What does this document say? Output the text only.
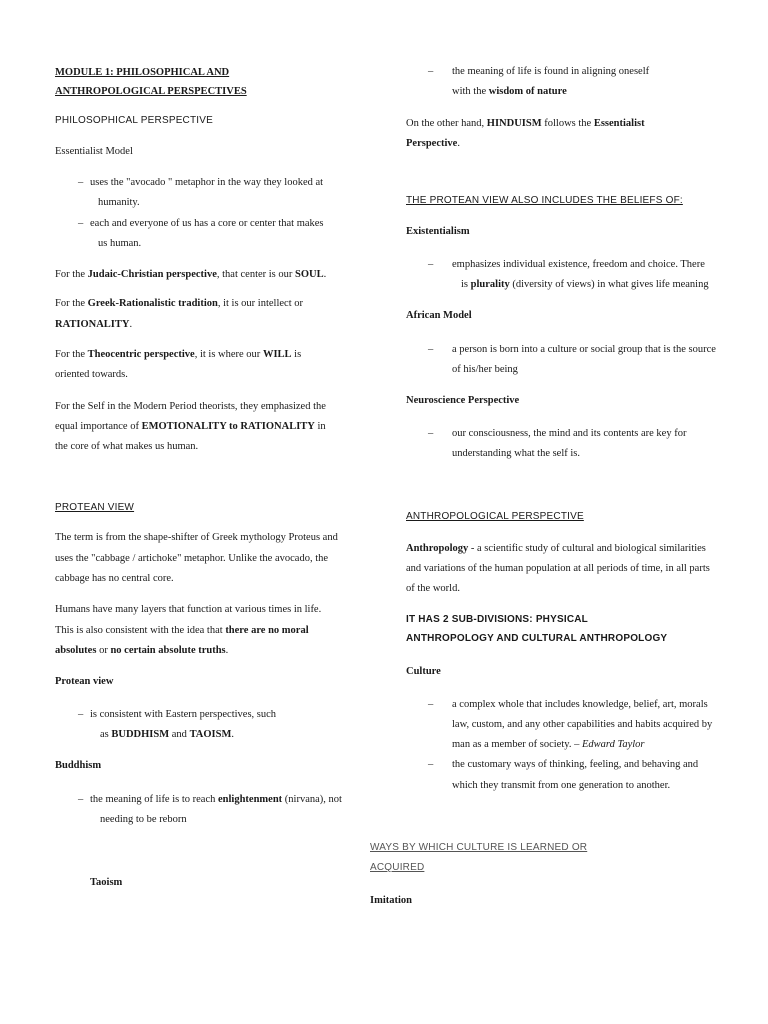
MODULE 1: PHILOSOPHICAL AND
ANTHROPOLOGICAL PERSPECTIVES
PHILOSOPHICAL PERSPECTIVE
Essentialist Model
– uses the "avocado " metaphor in the way they looked at
humanity.
– each and everyone of us has a core or center that makes
us human.
For the Judaic-Christian perspective, that center is our SOUL.
For the Greek-Rationalistic tradition, it is our intellect or
RATIONALITY.
For the Theocentric perspective, it is where our WILL is
oriented towards.
For the Self in the Modern Period theorists, they emphasized the
equal importance of EMOTIONALITY to RATIONALITY in
the core of what makes us human.
PROTEAN VIEW
The term is from the shape-shifter of Greek mythology Proteus and
uses the "cabbage / artichoke" metaphor. Unlike the avocado, the
cabbage has no central core.
Humans have many layers that function at various times in life.
This is also consistent with the idea that there are no moral
absolutes or no certain absolute truths.
Protean view
– is consistent with Eastern perspectives, such
as BUDDHISM and TAOISM.
Buddhism
– the meaning of life is to reach enlightenment (nirvana), not
needing to be reborn
Taoism
– the meaning of life is found in aligning oneself
with the wisdom of nature
On the other hand, HINDUISM follows the Essentialist
Perspective.
THE PROTEAN VIEW ALSO INCLUDES THE BELIEFS OF:
Existentialism
– emphasizes individual existence, freedom and choice. There
is plurality (diversity of views) in what gives life meaning
African Model
– a person is born into a culture or social group that is the source
of his/her being
Neuroscience Perspective
– our consciousness, the mind and its contents are key for
understanding what the self is.
ANTHROPOLOGICAL PERSPECTIVE
Anthropology - a scientific study of cultural and biological similarities
and variations of the human population at all periods of time, in all parts
of the world.
IT HAS 2 SUB-DIVISIONS: PHYSICAL
ANTHROPOLOGY AND CULTURAL ANTHROPOLOGY
Culture
– a complex whole that includes knowledge, belief, art, morals
law, custom, and any other capabilities and habits acquired by
man as a member of society. – Edward Taylor
– the customary ways of thinking, feeling, and behaving and
which they transmit from one generation to another.
WAYS BY WHICH CULTURE IS LEARNED OR
ACQUIRED
Imitation
